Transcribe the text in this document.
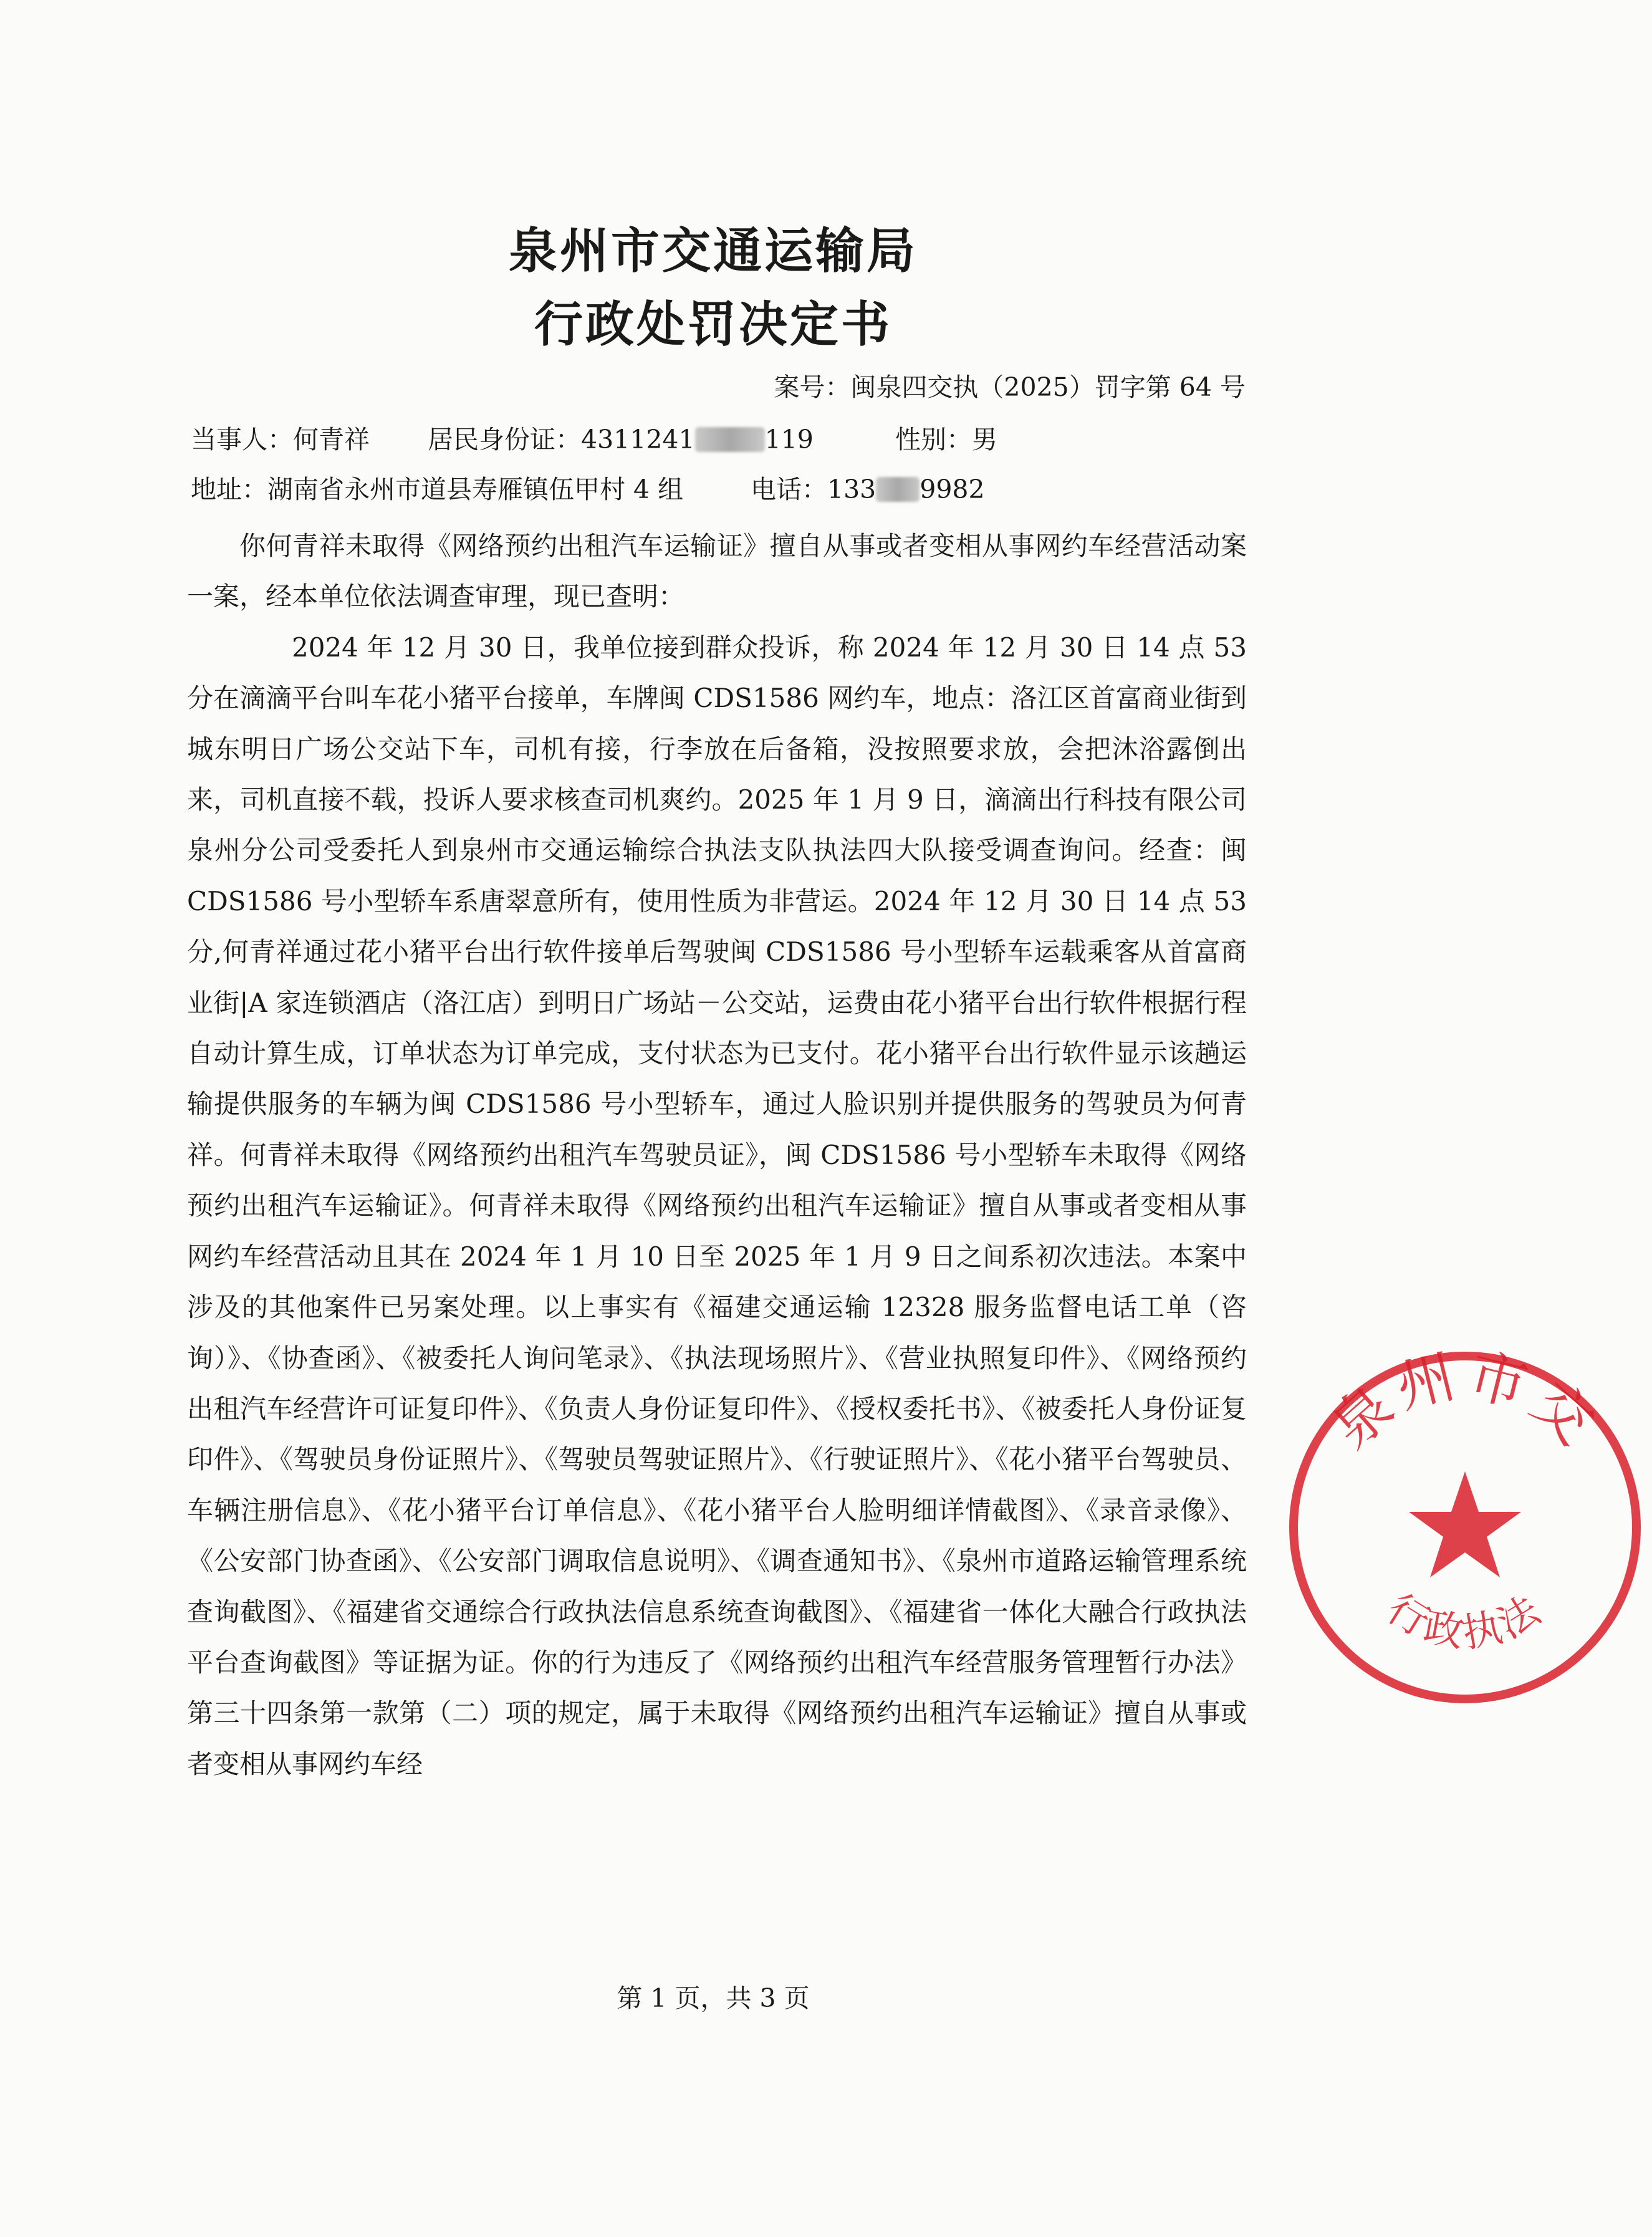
泉州市交通运输局
行政处罚决定书
案号：闽泉四交执（2025）罚字第 64 号
当事人：何青祥 居民身份证：4311241	119	性别：男
地址：湖南省永州市道县寿雁镇伍甲村 4 组	电话：133 9982

你何青祥未取得《网络预约出租汽车运输证》擅自从事或者变相从事网约车经营活动案一案，经本单位依法调查审理，现已查明：

2024 年 12 月 30 日，我单位接到群众投诉，称 2024 年 12 月 30 日 14 点 53 分在滴滴平台叫车花小猪平台接单，车牌闽 CDS1586 网约车，地点：洛江区首富商业街到城东明日广场公交站下车，司机有接，行李放在后备箱，没按照要求放，会把沐浴露倒出来，司机直接不载，投诉人要求核查司机爽约。2025 年 1 月 9 日，滴滴出行科技有限公司泉州分公司受委托人到泉州市交通运输综合执法支队执法四大队接受调查询问。经查：闽 CDS1586 号小型轿车系唐翠意所有，使用性质为非营运。2024 年 12 月 30 日 14 点 53 分,何青祥通过花小猪平台出行软件接单后驾驶闽 CDS1586 号小型轿车运载乘客从首富商业街|A 家连锁酒店（洛江店）到明日广场站－公交站，运费由花小猪平台出行软件根据行程自动计算生成，订单状态为订单完成，支付状态为已支付。花小猪平台出行软件显示该趟运输提供服务的车辆为闽 CDS1586 号小型轿车，通过人脸识别并提供服务的驾驶员为何青祥。何青祥未取得《网络预约出租汽车驾驶员证》，闽 CDS1586 号小型轿车未取得《网络预约出租汽车运输证》。何青祥未取得《网络预约出租汽车运输证》擅自从事或者变相从事网约车经营活动且其在 2024 年 1 月 10 日至 2025 年 1 月 9 日之间系初次违法。本案中涉及的其他案件已另案处理。以上事实有《福建交通运输 12328 服务监督电话工单（咨询）》、《协查函》、《被委托人询问笔录》、《执法现场照片》、《营业执照复印件》、《网络预约出租汽车经营许可证复印件》、《负责人身份证复印件》、《授权委托书》、《被委托人身份证复印件》、《驾驶员身份证照片》、《驾驶员驾驶证照片》、《行驶证照片》、《花小猪平台驾驶员、车辆注册信息》、《花小猪平台订单信息》、《花小猪平台人脸明细详情截图》、《录音录像》、《公安部门协查函》、《公安部门调取信息说明》、《调查通知书》、《泉州市道路运输管理系统查询截图》、《福建省交通综合行政执法信息系统查询截图》、《福建省一体化大融合行政执法平台查询截图》等证据为证。你的行为违反了《网络预约出租汽车经营服务管理暂行办法》第三十四条第一款第（二）项的规定，属于未取得《网络预约出租汽车运输证》擅自从事或者变相从事网约车经

第 1 页，共 3 页
泉州市交
行政执法
